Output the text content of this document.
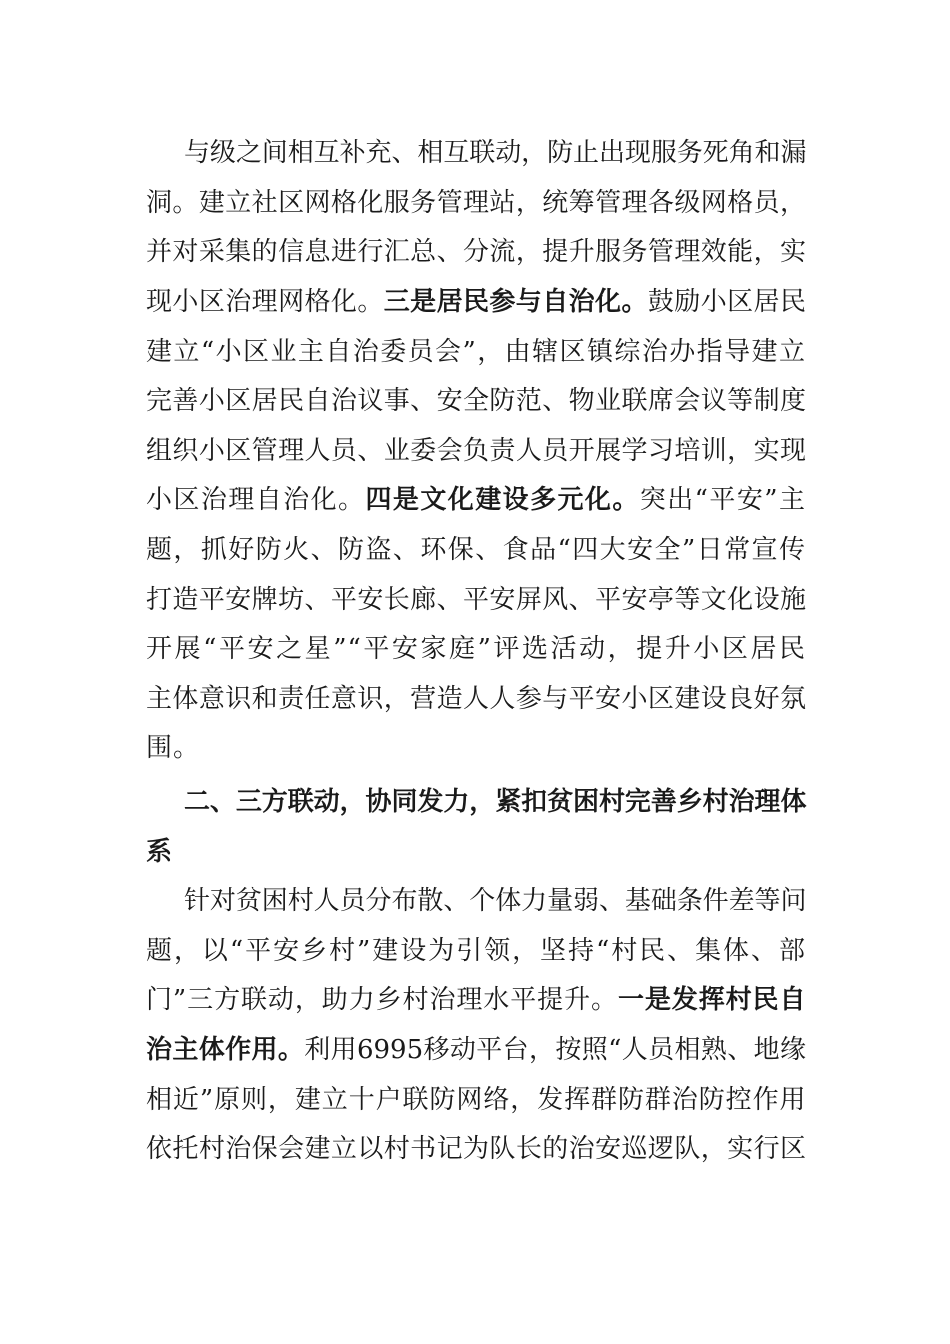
与级之间相互补充、相互联动，防止出现服务死角和漏
洞。建立社区网格化服务管理站，统筹管理各级网格员，
并对采集的信息进行汇总、分流，提升服务管理效能，实
现小区治理网格化。三是居民参与自治化。鼓励小区居民
建立“小区业主自治委员会”，由辖区镇综治办指导建立
完善小区居民自治议事、安全防范、物业联席会议等制度
组织小区管理人员、业委会负责人员开展学习培训，实现
小区治理自治化。四是文化建设多元化。突出“平安”主
题，抓好防火、防盗、环保、食品“四大安全”日常宣传
打造平安牌坊、平安长廊、平安屏风、平安亭等文化设施
开展“平安之星”“平安家庭”评选活动，提升小区居民
主体意识和责任意识，营造人人参与平安小区建设良好氛
围。
二、三方联动，协同发力，紧扣贫困村完善乡村治理体
系
针对贫困村人员分布散、个体力量弱、基础条件差等问
题，以“平安乡村”建设为引领，坚持“村民、集体、部
门”三方联动，助力乡村治理水平提升。一是发挥村民自
治主体作用。利用6995移动平台，按照“人员相熟、地缘
相近”原则，建立十户联防网络，发挥群防群治防控作用
依托村治保会建立以村书记为队长的治安巡逻队，实行区
